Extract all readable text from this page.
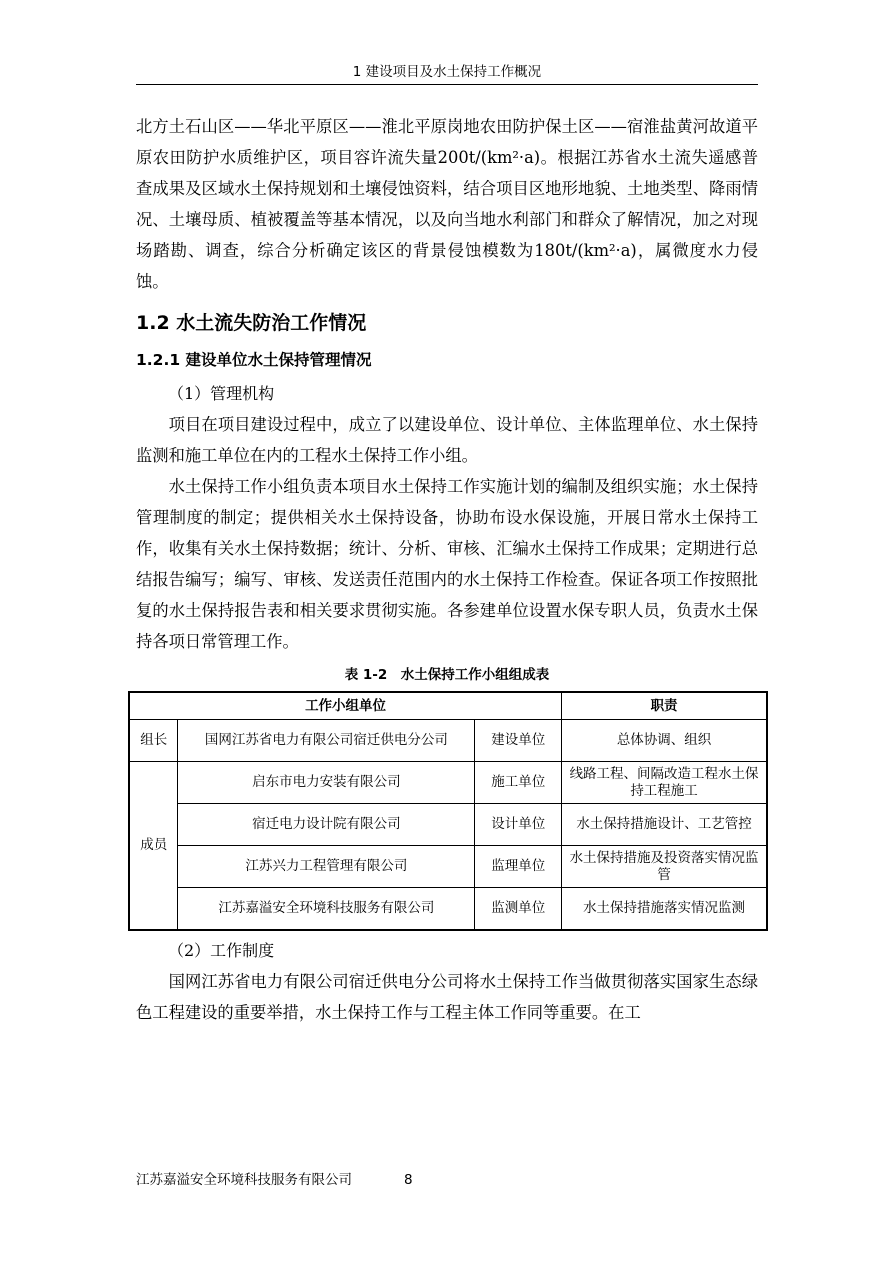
1 建设项目及水土保持工作概况

北方土石山区——华北平原区——淮北平原岗地农田防护保土区——宿淮盐黄河故道平原农田防护水质维护区，项目容许流失量200t/(km²·a)。根据江苏省水土流失遥感普查成果及区域水土保持规划和土壤侵蚀资料，结合项目区地形地貌、土地类型、降雨情况、土壤母质、植被覆盖等基本情况，以及向当地水利部门和群众了解情况，加之对现场踏勘、调查，综合分析确定该区的背景侵蚀模数为180t/(km²·a)，属微度水力侵蚀。

1.2 水土流失防治工作情况
1.2.1 建设单位水土保持管理情况

（1）管理机构

项目在项目建设过程中，成立了以建设单位、设计单位、主体监理单位、水土保持监测和施工单位在内的工程水土保持工作小组。

水土保持工作小组负责本项目水土保持工作实施计划的编制及组织实施；水土保持管理制度的制定；提供相关水土保持设备，协助布设水保设施，开展日常水土保持工作，收集有关水土保持数据；统计、分析、审核、汇编水土保持工作成果；定期进行总结报告编写；编写、审核、发送责任范围内的水土保持工作检查。保证各项工作按照批复的水土保持报告表和相关要求贯彻实施。各参建单位设置水保专职人员，负责水土保持各项日常管理工作。

表 1-2　水土保持工作小组组成表
工作小组单位			职责
组长	国网江苏省电力有限公司宿迁供电分公司	建设单位	总体协调、组织
成员	启东市电力安装有限公司	施工单位	线路工程、间隔改造工程水土保持工程施工
	宿迁电力设计院有限公司	设计单位	水土保持措施设计、工艺管控
	江苏兴力工程管理有限公司	监理单位	水土保持措施及投资落实情况监管
	江苏嘉溢安全环境科技服务有限公司	监测单位	水土保持措施落实情况监测

（2）工作制度

国网江苏省电力有限公司宿迁供电分公司将水土保持工作当做贯彻落实国家生态绿色工程建设的重要举措，水土保持工作与工程主体工作同等重要。在工

江苏嘉溢安全环境科技服务有限公司	8
